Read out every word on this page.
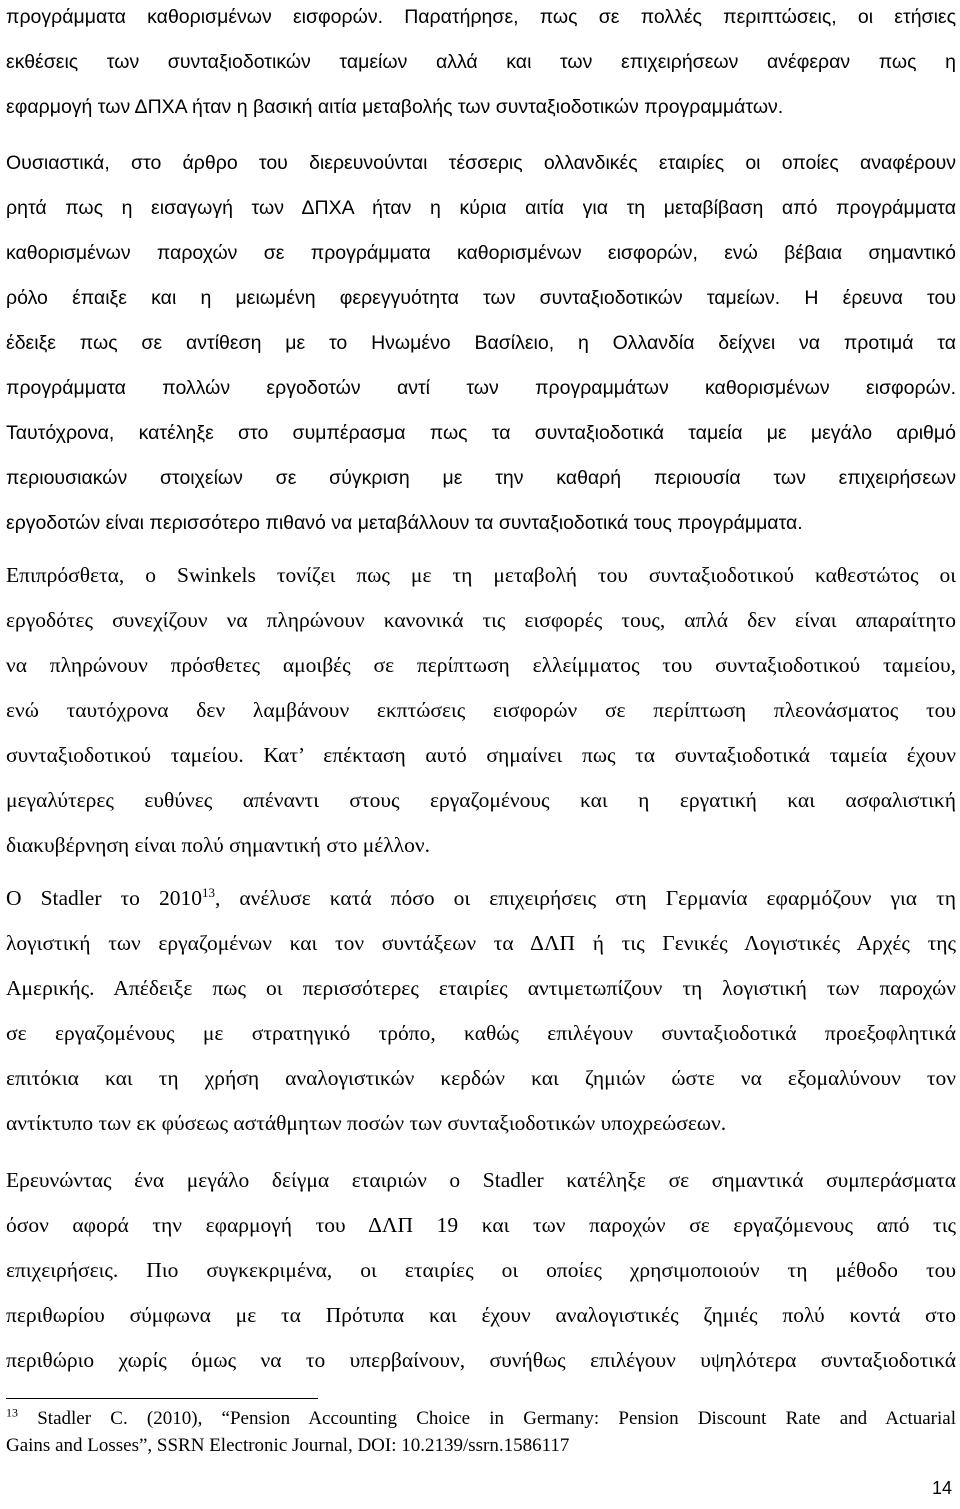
προγράμματα καθορισμένων εισφορών. Παρατήρησε, πως σε πολλές περιπτώσεις, οι ετήσιες
εκθέσεις των συνταξιοδοτικών ταμείων αλλά και των επιχειρήσεων ανέφεραν πως η
εφαρμογή των ΔΠΧΑ ήταν η βασική αιτία μεταβολής των συνταξιοδοτικών προγραμμάτων.
Ουσιαστικά, στο άρθρο του διερευνούνται τέσσερις ολλανδικές εταιρίες οι οποίες αναφέρουν
ρητά πως η εισαγωγή των ΔΠΧΑ ήταν η κύρια αιτία για τη μεταβίβαση από προγράμματα
καθορισμένων παροχών σε προγράμματα καθορισμένων εισφορών, ενώ βέβαια σημαντικό
ρόλο έπαιξε και η μειωμένη φερεγγυότητα των συνταξιοδοτικών ταμείων. Η έρευνα του
έδειξε πως σε αντίθεση με το Ηνωμένο Βασίλειο, η Ολλανδία δείχνει να προτιμά τα
προγράμματα πολλών εργοδοτών αντί των προγραμμάτων καθορισμένων εισφορών.
Ταυτόχρονα, κατέληξε στο συμπέρασμα πως τα συνταξιοδοτικά ταμεία με μεγάλο αριθμό
περιουσιακών στοιχείων σε σύγκριση με την καθαρή περιουσία των επιχειρήσεων
εργοδοτών είναι περισσότερο πιθανό να μεταβάλλουν τα συνταξιοδοτικά τους προγράμματα.
Επιπρόσθετα, ο Swinkels τονίζει πως με τη μεταβολή του συνταξιοδοτικού καθεστώτος οι
εργοδότες συνεχίζουν να πληρώνουν κανονικά τις εισφορές τους, απλά δεν είναι απαραίτητο
να πληρώνουν πρόσθετες αμοιβές σε περίπτωση ελλείμματος του συνταξιοδοτικού ταμείου,
ενώ ταυτόχρονα δεν λαμβάνουν εκπτώσεις εισφορών σε περίπτωση πλεονάσματος του
συνταξιοδοτικού ταμείου. Κατ’ επέκταση αυτό σημαίνει πως τα συνταξιοδοτικά ταμεία έχουν
μεγαλύτερες ευθύνες απέναντι στους εργαζομένους και η εργατική και ασφαλιστική
διακυβέρνηση είναι πολύ σημαντική στο μέλλον.
Ο Stadler το 2010$^{13}$, ανέλυσε κατά πόσο οι επιχειρήσεις στη Γερμανία εφαρμόζουν για τη
λογιστική των εργαζομένων και τον συντάξεων τα ΔΛΠ ή τις Γενικές Λογιστικές Αρχές της
Αμερικής. Απέδειξε πως οι περισσότερες εταιρίες αντιμετωπίζουν τη λογιστική των παροχών
σε εργαζομένους με στρατηγικό τρόπο, καθώς επιλέγουν συνταξιοδοτικά προεξοφλητικά
επιτόκια και τη χρήση αναλογιστικών κερδών και ζημιών ώστε να εξομαλύνουν τον
αντίκτυπο των εκ φύσεως αστάθμητων ποσών των συνταξιοδοτικών υποχρεώσεων.
Ερευνώντας ένα μεγάλο δείγμα εταιριών ο Stadler κατέληξε σε σημαντικά συμπεράσματα
όσον αφορά την εφαρμογή του ΔΛΠ 19 και των παροχών σε εργαζόμενους από τις
επιχειρήσεις. Πιο συγκεκριμένα, οι εταιρίες οι οποίες χρησιμοποιούν τη μέθοδο του
περιθωρίου σύμφωνα με τα Πρότυπα και έχουν αναλογιστικές ζημιές πολύ κοντά στο
περιθώριο χωρίς όμως να το υπερβαίνουν, συνήθως επιλέγουν υψηλότερα συνταξιοδοτικά
$^{13}$ Stadler C. (2010), “Pension Accounting Choice in Germany: Pension Discount Rate and Actuarial
Gains and Losses”, SSRN Electronic Journal, DOI: 10.2139/ssrn.1586117
14
